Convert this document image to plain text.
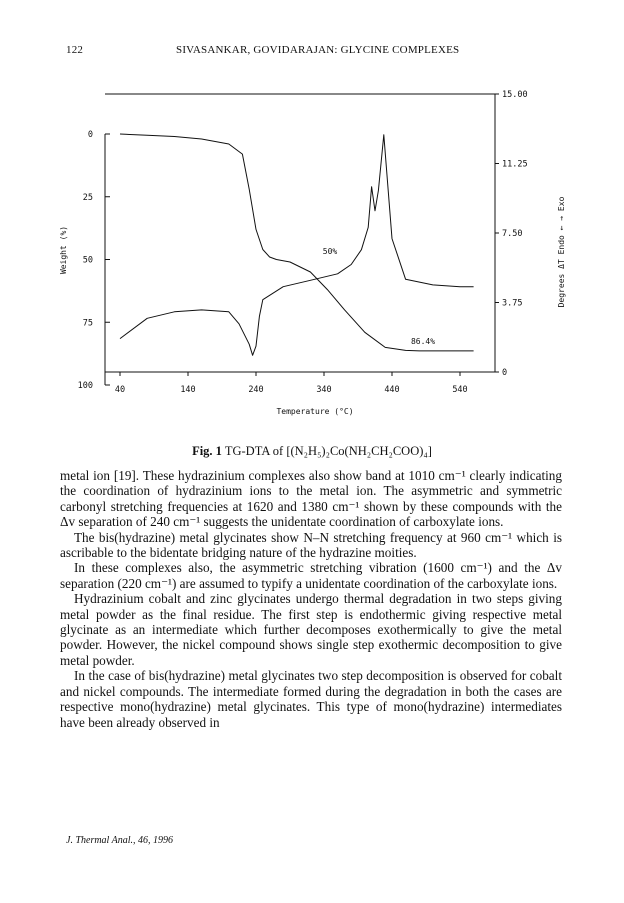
122	SIVASANKAR, GOVIDARAJAN: GLYCINE COMPLEXES
40	140	240	340	440	540
0
25
50
75
100
15.00
11.25
7.50
3.75
0
Temperature (°C)
Weight (%)	Degrees ΔT Endo ← → Exo
50%
86.4%
Fig. 1 TG-DTA of [(N₂H₅)₂Co(NH₂CH₂COO)₄]

metal ion [19]. These hydrazinium complexes also show band at 1010 cm⁻¹ clearly indicating the coordination of hydrazinium ions to the metal ion. The asymmetric and symmetric carbonyl stretching frequencies at 1620 and 1380 cm⁻¹ shown by these compounds with the Δv separation of 240 cm⁻¹ suggests the unidentate coordination of carboxylate ions.

The bis(hydrazine) metal glycinates show N–N stretching frequency at 960 cm⁻¹ which is ascribable to the bidentate bridging nature of the hydrazine moities.

In these complexes also, the asymmetric stretching vibration (1600 cm⁻¹) and the Δv separation (220 cm⁻¹) are assumed to typify a unidentate coordination of the carboxylate ions.

Hydrazinium cobalt and zinc glycinates undergo thermal degradation in two steps giving metal powder as the final residue. The first step is endothermic giving respective metal glycinate as an intermediate which further decomposes exothermically to give the metal powder. However, the nickel compound shows single step exothermic decomposition to give metal powder.

In the case of bis(hydrazine) metal glycinates two step decomposition is observed for cobalt and nickel compounds. The intermediate formed during the degradation in both the cases are respective mono(hydrazine) metal glycinates. This type of mono(hydrazine) intermediates have been already observed in

J. Thermal Anal., 46, 1996
